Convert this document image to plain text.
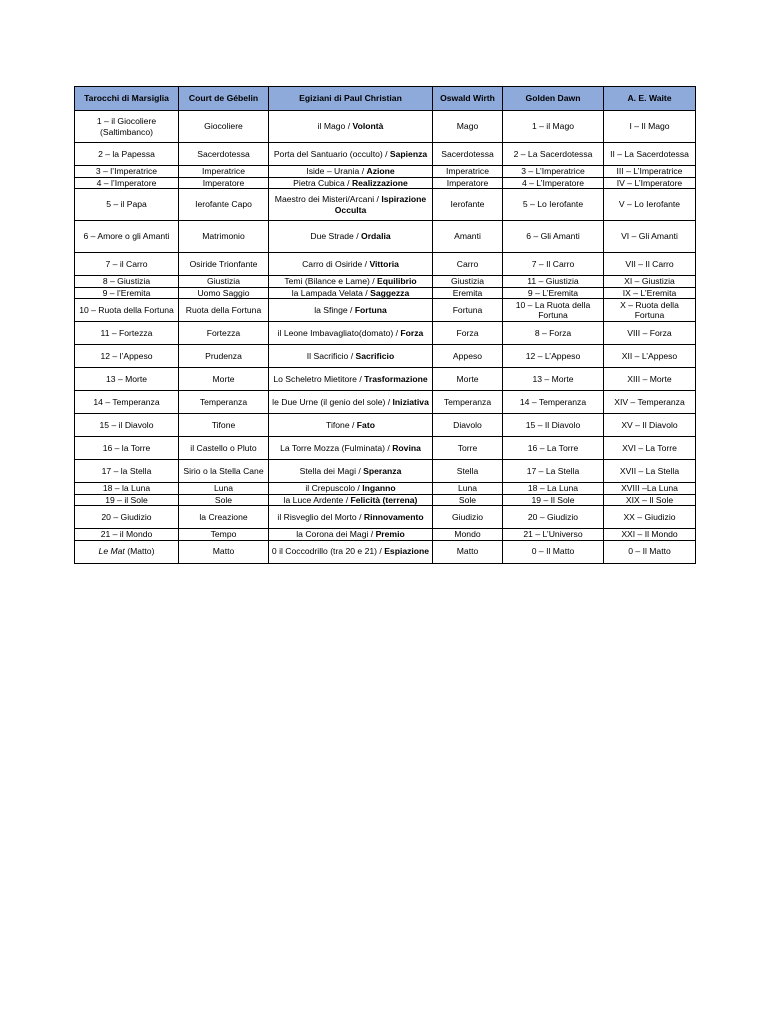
Tarocchi di Marsiglia	Court de Gébelin	Egiziani di Paul Christian	Oswald Wirth	Golden Dawn	A. E. Waite
1 – il Giocoliere (Saltimbanco)	Giocoliere	il Mago / Volontà	Mago	1 – il Mago	I – Il Mago
2 – la Papessa	Sacerdotessa	Porta del Santuario (occulto) / Sapienza	Sacerdotessa	2 – La Sacerdotessa	II – La Sacerdotessa
3 – l’Imperatrice	Imperatrice	Iside – Urania / Azione	Imperatrice	3 – L’Imperatrice	III – L’Imperatrice
4 – l’Imperatore	Imperatore	Pietra Cubica / Realizzazione	Imperatore	4 – L’Imperatore	IV – L’Imperatore
5 – il Papa	Ierofante Capo	Maestro dei Misteri/Arcani / Ispirazione Occulta	Ierofante	5 – Lo Ierofante	V – Lo Ierofante
6 – Amore o gli Amanti	Matrimonio	Due Strade / Ordalia	Amanti	6 – Gli Amanti	VI – Gli Amanti
7 – il Carro	Osiride Trionfante	Carro di Osiride / Vittoria	Carro	7 – Il Carro	VII – Il Carro
8 – Giustizia	Giustizia	Temi (Bilance e Lame) / Equilibrio	Giustizia	11 – Giustizia	XI – Giustizia
9 – l’Eremita	Uomo Saggio	la Lampada Velata / Saggezza	Eremita	9 – L’Eremita	IX – L’Eremita
10 – Ruota della Fortuna	Ruota della Fortuna	la Sfinge / Fortuna	Fortuna	10 – La Ruota della Fortuna	X – Ruota della Fortuna
11 – Fortezza	Fortezza	il Leone Imbavagliato(domato) / Forza	Forza	8 – Forza	VIII – Forza
12 – l’Appeso	Prudenza	Il Sacrificio / Sacrificio	Appeso	12 – L’Appeso	XII – L’Appeso
13 – Morte	Morte	Lo Scheletro Mietitore / Trasformazione	Morte	13 – Morte	XIII – Morte
14 – Temperanza	Temperanza	le Due Urne (il genio del sole) / Iniziativa	Temperanza	14 – Temperanza	XIV – Temperanza
15 – il Diavolo	Tifone	Tifone / Fato	Diavolo	15 – Il Diavolo	XV – Il Diavolo
16 – la Torre	il Castello o Pluto	La Torre Mozza (Fulminata) / Rovina	Torre	16 – La Torre	XVI – La Torre
17 – la Stella	Sirio o la Stella Cane	Stella dei Magi / Speranza	Stella	17 – La Stella	XVII – La Stella
18 – la Luna	Luna	il Crepuscolo / Inganno	Luna	18 – La Luna	XVIII –La Luna
19 – il Sole	Sole	la Luce Ardente / Felicità (terrena)	Sole	19 – Il Sole	XIX – Il Sole
20 – Giudizio	la Creazione	il Risveglio del Morto / Rinnovamento	Giudizio	20 – Giudizio	XX – Giudizio
21 – il Mondo	Tempo	la Corona dei Magi / Premio	Mondo	21 – L’Universo	XXI – Il Mondo
Le Mat (Matto)	Matto	0 il Coccodrillo (tra 20 e 21) / Espiazione	Matto	0 – Il Matto	0 – Il Matto
